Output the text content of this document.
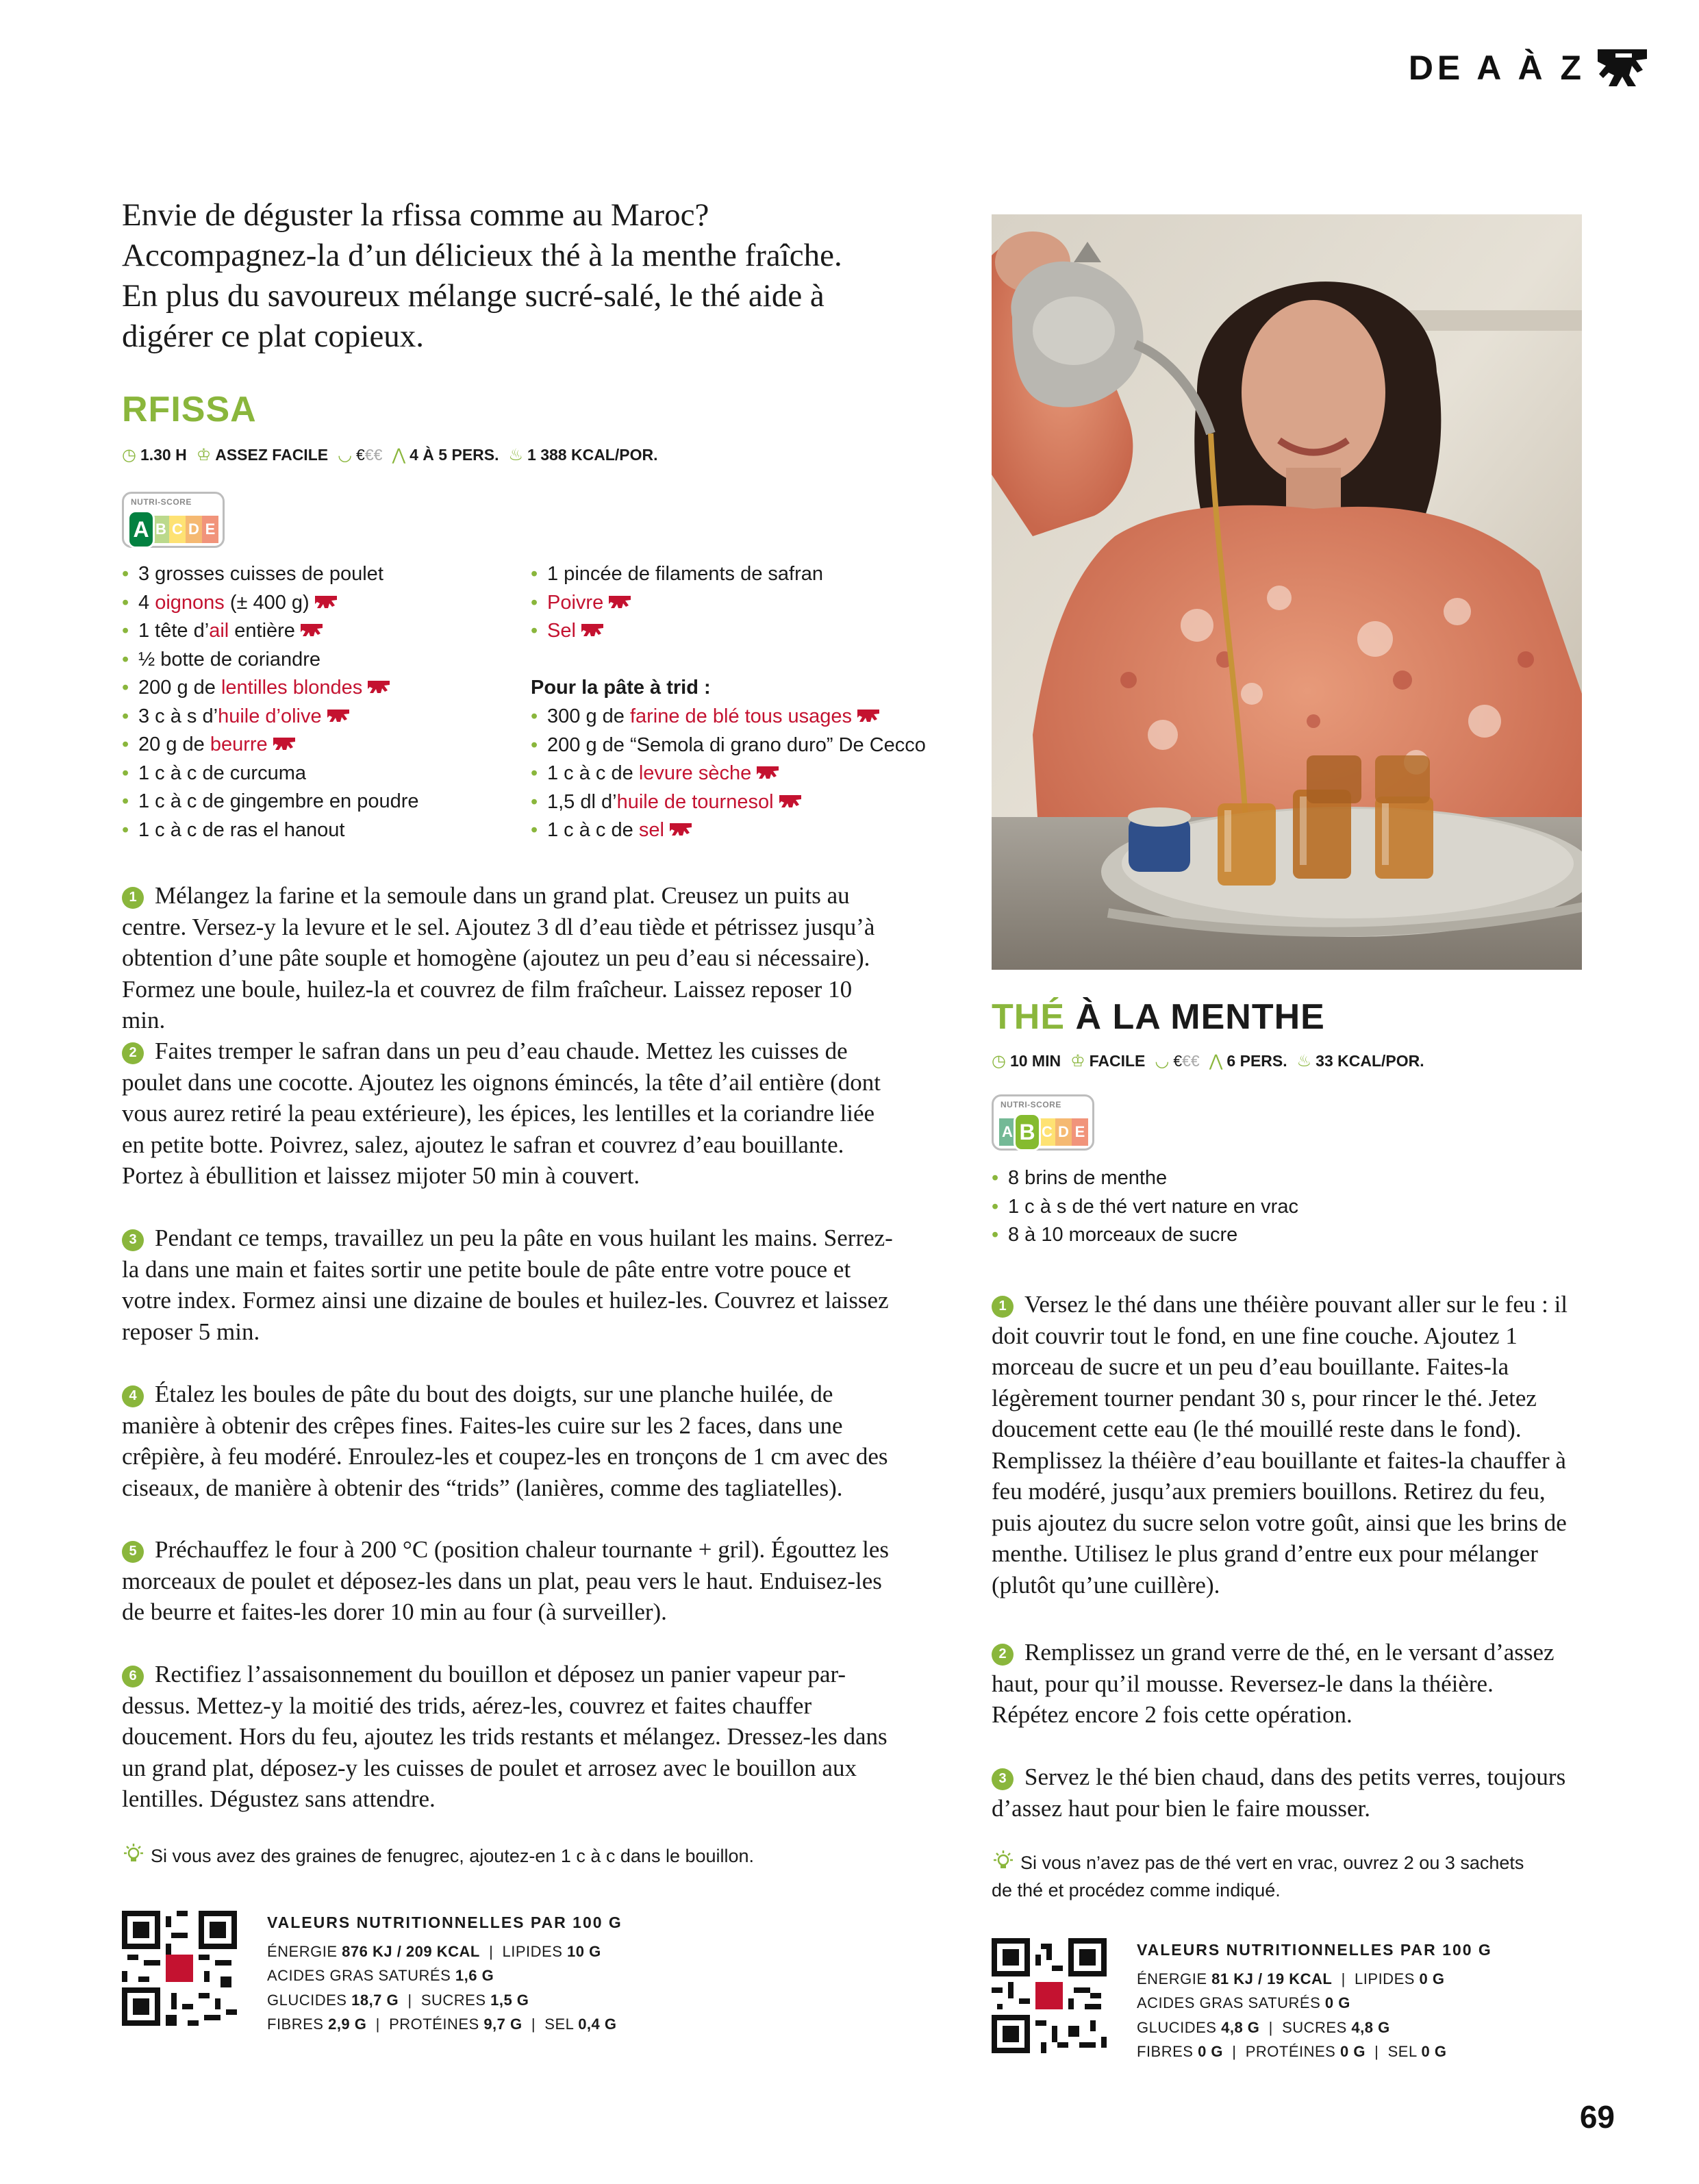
DE A À Z
Envie de déguster la rfissa comme au Maroc? Accompagnez-la d’un délicieux thé à la menthe fraîche. En plus du savoureux mélange sucré-salé, le thé aide à digérer ce plat copieux.
RFISSA
◷ 1.30 H ♔ ASSEZ FACILE ◡ € €€ ⋀ 4 À 5 PERS. ♨ 1 388 KCAL/POR.
NUTRI-SCORE
A B C D E
• 3 grosses cuisses de poulet
• 4 oignons (± 400 g)
• 1 tête d’ail entière
• ½ botte de coriandre
• 200 g de lentilles blondes
• 3 c à s d’huile d’olive
• 20 g de beurre
• 1 c à c de curcuma
• 1 c à c de gingembre en poudre
• 1 c à c de ras el hanout
• 1 pincée de filaments de safran
• Poivre
• Sel
Pour la pâte à trid :
• 300 g de farine de blé tous usages
• 200 g de “Semola di grano duro” De Cecco
• 1 c à c de levure sèche
• 1,5 dl d’huile de tournesol
• 1 c à c de sel
1 Mélangez la farine et la semoule dans un grand plat. Creusez un puits au centre. Versez-y la levure et le sel. Ajoutez 3 dl d’eau tiède et pétrissez jusqu’à obtention d’une pâte souple et homogène (ajoutez un peu d’eau si nécessaire). Formez une boule, huilez-la et couvrez de film fraîcheur. Laissez reposer 10 min.
2 Faites tremper le safran dans un peu d’eau chaude. Mettez les cuisses de poulet dans une cocotte. Ajoutez les oignons émincés, la tête d’ail entière (dont vous aurez retiré la peau extérieure), les épices, les lentilles et la coriandre liée en petite botte. Poivrez, salez, ajoutez le safran et couvrez d’eau bouillante. Portez à ébullition et laissez mijoter 50 min à couvert.
3 Pendant ce temps, travaillez un peu la pâte en vous huilant les mains. Serrez-la dans une main et faites sortir une petite boule de pâte entre votre pouce et votre index. Formez ainsi une dizaine de boules et huilez-les. Couvrez et laissez reposer 5 min.
4 Étalez les boules de pâte du bout des doigts, sur une planche huilée, de manière à obtenir des crêpes fines. Faites-les cuire sur les 2 faces, dans une crêpière, à feu modéré. Enroulez-les et coupez-les en tronçons de 1 cm avec des ciseaux, de manière à obtenir des “trids” (lanières, comme des tagliatelles).
5 Préchauffez le four à 200 °C (position chaleur tournante + gril). Égouttez les morceaux de poulet et déposez-les dans un plat, peau vers le haut. Enduisez-les de beurre et faites-les dorer 10 min au four (à surveiller).
6 Rectifiez l’assaisonnement du bouillon et déposez un panier vapeur par-dessus. Mettez-y la moitié des trids, aérez-les, couvrez et faites chauffer doucement. Hors du feu, ajoutez les trids restants et mélangez. Dressez-les dans un grand plat, déposez-y les cuisses de poulet et arrosez avec le bouillon aux lentilles. Dégustez sans attendre.
Si vous avez des graines de fenugrec, ajoutez-en 1 c à c dans le bouillon.
VALEURS NUTRITIONNELLES PAR 100 G
ÉNERGIE 876 KJ / 209 KCAL  |  LIPIDES 10 G
ACIDES GRAS SATURÉS 1,6 G
GLUCIDES 18,7 G  |  SUCRES 1,5 G
FIBRES 2,9 G  |  PROTÉINES 9,7 G  |  SEL 0,4 G
THÉ À LA MENTHE
◷ 10 MIN ♔ FACILE ◡ € €€ ⋀ 6 PERS. ♨ 33 KCAL/POR.
NUTRI-SCORE
A B C D E
• 8 brins de menthe
• 1 c à s de thé vert nature en vrac
• 8 à 10 morceaux de sucre
1 Versez le thé dans une théière pouvant aller sur le feu : il doit couvrir tout le fond, en une fine couche. Ajoutez 1 morceau de sucre et un peu d’eau bouillante. Faites-la légèrement tourner pendant 30 s, pour rincer le thé. Jetez doucement cette eau (le thé mouillé reste dans le fond). Remplissez la théière d’eau bouillante et faites-la chauffer à feu modéré, jusqu’aux premiers bouillons. Retirez du feu, puis ajoutez du sucre selon votre goût, ainsi que les brins de menthe. Utilisez le plus grand d’entre eux pour mélanger (plutôt qu’une cuillère).
2 Remplissez un grand verre de thé, en le versant d’assez haut, pour qu’il mousse. Reversez-le dans la théière. Répétez encore 2 fois cette opération.
3 Servez le thé bien chaud, dans des petits verres, toujours d’assez haut pour bien le faire mousser.
Si vous n’avez pas de thé vert en vrac, ouvrez 2 ou 3 sachets
de thé et procédez comme indiqué.
VALEURS NUTRITIONNELLES PAR 100 G
ÉNERGIE 81 KJ / 19 KCAL  |  LIPIDES 0 G
ACIDES GRAS SATURÉS 0 G
GLUCIDES 4,8 G  |  SUCRES 4,8 G
FIBRES 0 G  |  PROTÉINES 0 G  |  SEL 0 G
69
